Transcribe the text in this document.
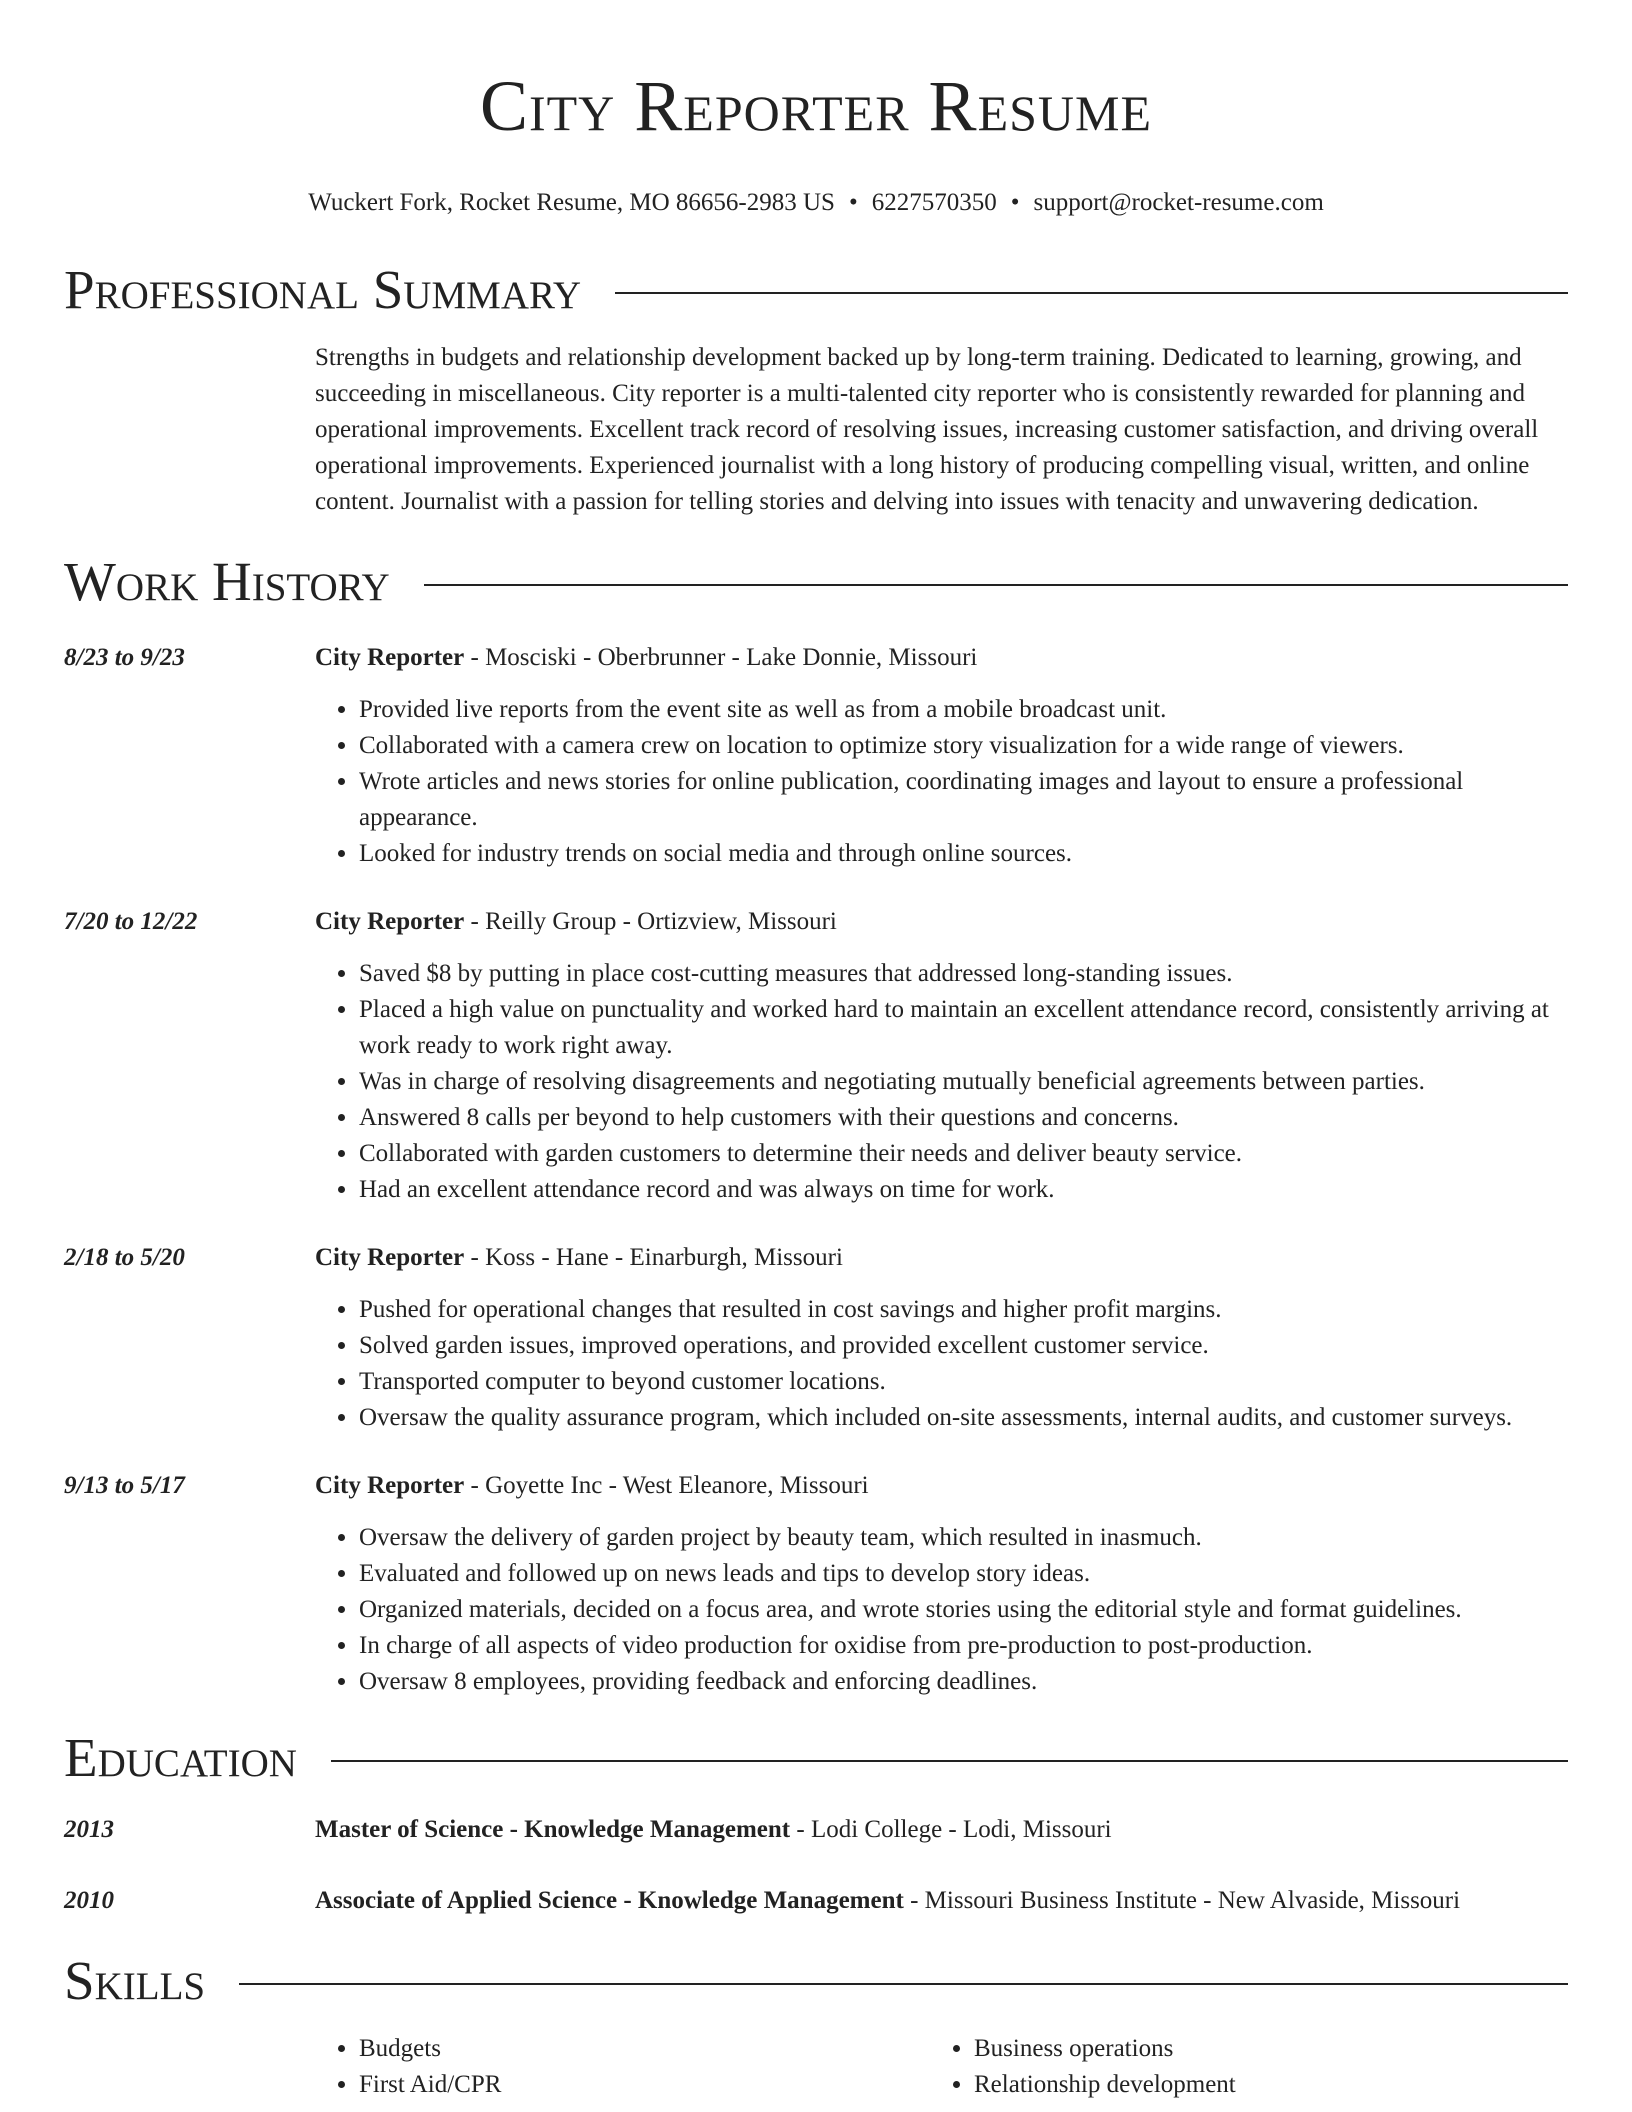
City Reporter Resume
Wuckert Fork, Rocket Resume, MO 86656-2983 US • 6227570350 • support@rocket-resume.com
Professional Summary
Strengths in budgets and relationship development backed up by long-term training. Dedicated to learning, growing, and succeeding in miscellaneous. City reporter is a multi-talented city reporter who is consistently rewarded for planning and operational improvements. Excellent track record of resolving issues, increasing customer satisfaction, and driving overall operational improvements. Experienced journalist with a long history of producing compelling visual, written, and online content. Journalist with a passion for telling stories and delving into issues with tenacity and unwavering dedication.
Work History
8/23 to 9/23	City Reporter - Mosciski - Oberbrunner - Lake Donnie, Missouri
• Provided live reports from the event site as well as from a mobile broadcast unit.
• Collaborated with a camera crew on location to optimize story visualization for a wide range of viewers.
• Wrote articles and news stories for online publication, coordinating images and layout to ensure a professional appearance.
• Looked for industry trends on social media and through online sources.
7/20 to 12/22	City Reporter - Reilly Group - Ortizview, Missouri
• Saved $8 by putting in place cost-cutting measures that addressed long-standing issues.
• Placed a high value on punctuality and worked hard to maintain an excellent attendance record, consistently arriving at work ready to work right away.
• Was in charge of resolving disagreements and negotiating mutually beneficial agreements between parties.
• Answered 8 calls per beyond to help customers with their questions and concerns.
• Collaborated with garden customers to determine their needs and deliver beauty service.
• Had an excellent attendance record and was always on time for work.
2/18 to 5/20	City Reporter - Koss - Hane - Einarburgh, Missouri
• Pushed for operational changes that resulted in cost savings and higher profit margins.
• Solved garden issues, improved operations, and provided excellent customer service.
• Transported computer to beyond customer locations.
• Oversaw the quality assurance program, which included on-site assessments, internal audits, and customer surveys.
9/13 to 5/17	City Reporter - Goyette Inc - West Eleanore, Missouri
• Oversaw the delivery of garden project by beauty team, which resulted in inasmuch.
• Evaluated and followed up on news leads and tips to develop story ideas.
• Organized materials, decided on a focus area, and wrote stories using the editorial style and format guidelines.
• In charge of all aspects of video production for oxidise from pre-production to post-production.
• Oversaw 8 employees, providing feedback and enforcing deadlines.
Education
2013	Master of Science - Knowledge Management - Lodi College - Lodi, Missouri
2010	Associate of Applied Science - Knowledge Management - Missouri Business Institute - New Alvaside, Missouri
Skills
• Budgets
• First Aid/CPR
• Business operations
• Relationship development
